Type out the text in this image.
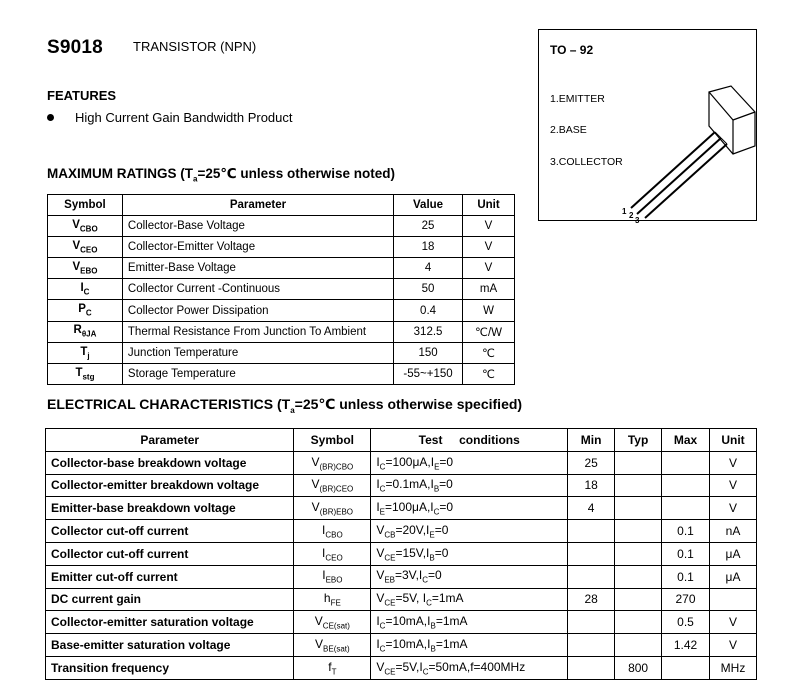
S9018 TRANSISTOR (NPN)
FEATURES
High Current Gain Bandwidth Product
TO – 92
1.EMITTER
2.BASE
3.COLLECTOR
1 2
3
MAXIMUM RATINGS ($T_a=25℃$ unless otherwise noted)
Symbol	Parameter	Value	Unit
$V_{CBO}$	Collector-Base Voltage	25	V
$V_{CEO}$	Collector-Emitter Voltage	18	V
$V_{EBO}$	Emitter-Base Voltage	4	V
$I_C$	Collector Current -Continuous	50	mA
$P_C$	Collector Power Dissipation	0.4	W
$R_{\theta JA}$	Thermal Resistance From Junction To Ambient	312.5	℃/W
$T_j$	Junction Temperature	150	℃
$T_{stg}$	Storage Temperature	-55~+150	℃
ELECTRICAL CHARACTERISTICS ($T_a=25℃$ unless otherwise specified)
Parameter	Symbol	Test     conditions	Min	Typ	Max	Unit
Collector-base breakdown voltage	$V_{(BR)CBO}$	$I_C=100\mu A,I_E=0$	25			V
Collector-emitter breakdown voltage	$V_{(BR)CEO}$	$I_C=0.1mA,I_B=0$	18			V
Emitter-base breakdown voltage	$V_{(BR)EBO}$	$I_E=100\mu A,I_C=0$	4			V
Collector cut-off current	$I_{CBO}$	$V_{CB}=20V,I_E=0$			0.1	nA
Collector cut-off current	$I_{CEO}$	$V_{CE}=15V,I_B=0$			0.1	μA
Emitter cut-off current	$I_{EBO}$	$V_{EB}=3V,I_C=0$			0.1	μA
DC current gain	$h_{FE}$	$V_{CE}=5V$, $I_C=1mA$	28		270	
Collector-emitter saturation voltage	$V_{CE(sat)}$	$I_C=10mA,I_B=1mA$			0.5	V
Base-emitter saturation voltage	$V_{BE(sat)}$	$I_C=10mA,I_B=1mA$			1.42	V
Transition frequency	$f_T$	$V_{CE}=5V,I_C=50mA,f=400MHz$		800		MHz
